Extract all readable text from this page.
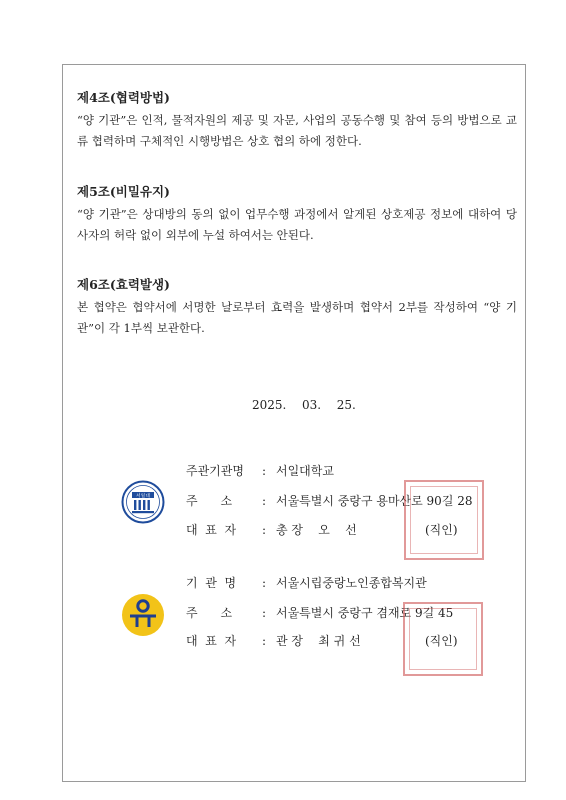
제4조(협력방법)

“양 기관”은 인적, 물적자원의 제공 및 자문, 사업의 공동수행 및 참여 등의 방법으로 교류 협력하며 구체적인 시행방법은 상호 협의 하에 정한다.

제5조(비밀유지)

“양 기관”은 상대방의 동의 없이 업무수행 과정에서 알게된 상호제공 정보에 대하여 당사자의 허락 없이 외부에 누설 하여서는 안된다.

제6조(효력발생)

본 협약은 협약서에 서명한 날로부터 효력을 발생하며 협약서 2부를 작성하여 “양 기관”이 각 1부씩 보관한다.

2025.  03.  25.
서일대
주관기관명 : 서일대학교
주      소 : 서울특별시 중랑구 용마산로 90길 28
대  표  자 : 총 장    오    선	(직인)
기  관  명 : 서울시립중랑노인종합복지관
주      소 : 서울특별시 중랑구 겸재로 9길 45
대  표  자 : 관 장    최 귀 선	(직인)
